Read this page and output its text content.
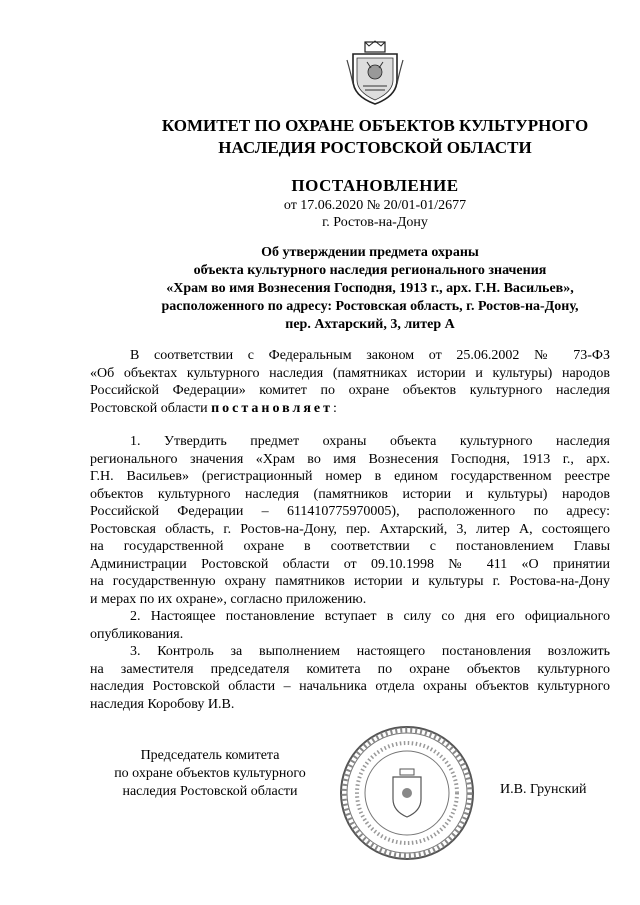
КОМИТЕТ ПО ОХРАНЕ ОБЪЕКТОВ КУЛЬТУРНОГО
НАСЛЕДИЯ РОСТОВСКОЙ ОБЛАСТИ
ПОСТАНОВЛЕНИЕ
от 17.06.2020 № 20/01-01/2677
г. Ростов-на-Дону
Об утверждении предмета охраны
объекта культурного наследия регионального значения
«Храм во имя Вознесения Господня, 1913 г., арх. Г.Н. Васильев»,
расположенного по адресу: Ростовская область, г. Ростов-на-Дону,
пер. Ахтарский, 3, литер А
В соответствии с Федеральным законом от 25.06.2002 № 73-ФЗ
«Об объектах культурного наследия (памятниках истории и культуры) народов
Российской Федерации» комитет по охране объектов культурного наследия
Ростовской области постановляет:
1. Утвердить предмет охраны объекта культурного наследия
регионального значения «Храм во имя Вознесения Господня, 1913 г., арх.
Г.Н. Васильев» (регистрационный номер в едином государственном реестре
объектов культурного наследия (памятников истории и культуры) народов
Российской Федерации – 611410775970005), расположенного по адресу:
Ростовская область, г. Ростов-на-Дону, пер. Ахтарский, 3, литер А, состоящего
на государственной охране в соответствии с постановлением Главы
Администрации Ростовской области от 09.10.1998 № 411 «О принятии
на государственную охрану памятников истории и культуры г. Ростова-на-Дону
и мерах по их охране», согласно приложению.
2. Настоящее постановление вступает в силу со дня его официального
опубликования.
3. Контроль за выполнением настоящего постановления возложить
на заместителя председателя комитета по охране объектов культурного
наследия Ростовской области – начальника отдела охраны объектов культурного
наследия Коробову И.В.
Председатель комитета
по охране объектов культурного
наследия Ростовской области	И.В. Грунский
